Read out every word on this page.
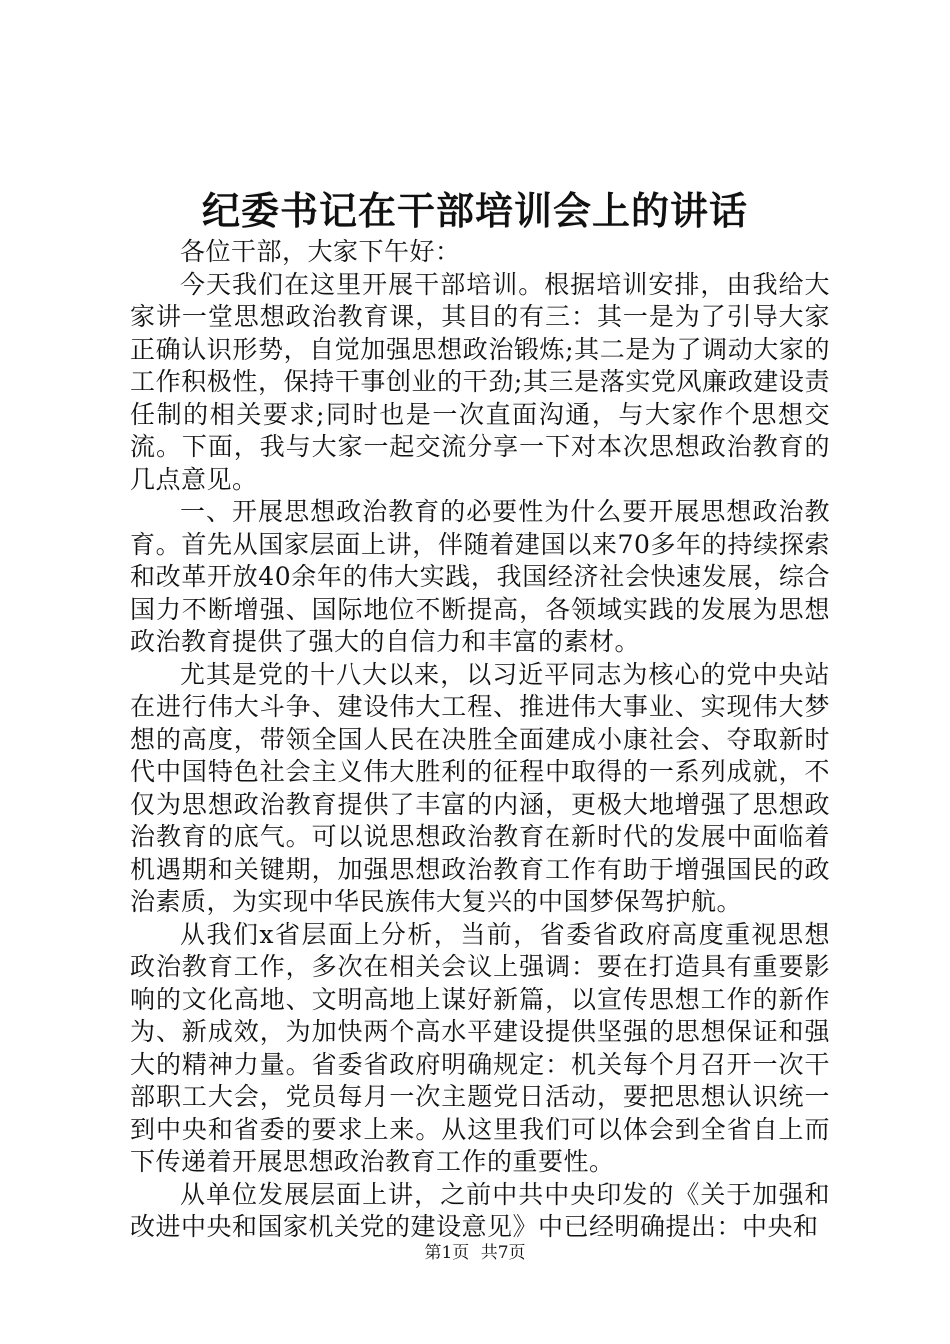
纪委书记在干部培训会上的讲话

各位干部，大家下午好：

今天我们在这里开展干部培训。根据培训安排，由我给大家讲一堂思想政治教育课，其目的有三：其一是为了引导大家正确认识形势，自觉加强思想政治锻炼;其二是为了调动大家的工作积极性，保持干事创业的干劲;其三是落实党风廉政建设责任制的相关要求;同时也是一次直面沟通，与大家作个思想交流。下面，我与大家一起交流分享一下对本次思想政治教育的几点意见。

一、开展思想政治教育的必要性为什么要开展思想政治教育。首先从国家层面上讲，伴随着建国以来70多年的持续探索和改革开放40余年的伟大实践，我国经济社会快速发展，综合国力不断增强、国际地位不断提高，各领域实践的发展为思想政治教育提供了强大的自信力和丰富的素材。

尤其是党的十八大以来，以习近平同志为核心的党中央站在进行伟大斗争、建设伟大工程、推进伟大事业、实现伟大梦想的高度，带领全国人民在决胜全面建成小康社会、夺取新时代中国特色社会主义伟大胜利的征程中取得的一系列成就，不仅为思想政治教育提供了丰富的内涵，更极大地增强了思想政治教育的底气。可以说思想政治教育在新时代的发展中面临着机遇期和关键期，加强思想政治教育工作有助于增强国民的政治素质，为实现中华民族伟大复兴的中国梦保驾护航。

从我们x省层面上分析，当前，省委省政府高度重视思想政治教育工作，多次在相关会议上强调：要在打造具有重要影响的文化高地、文明高地上谋好新篇，以宣传思想工作的新作为、新成效，为加快两个高水平建设提供坚强的思想保证和强大的精神力量。省委省政府明确规定：机关每个月召开一次干部职工大会，党员每月一次主题党日活动，要把思想认识统一到中央和省委的要求上来。从这里我们可以体会到全省自上而下传递着开展思想政治教育工作的重要性。

从单位发展层面上讲，之前中共中央印发的《关于加强和改进中央和国家机关党的建设意见》中已经明确提出：中央和

第1页 共7页
